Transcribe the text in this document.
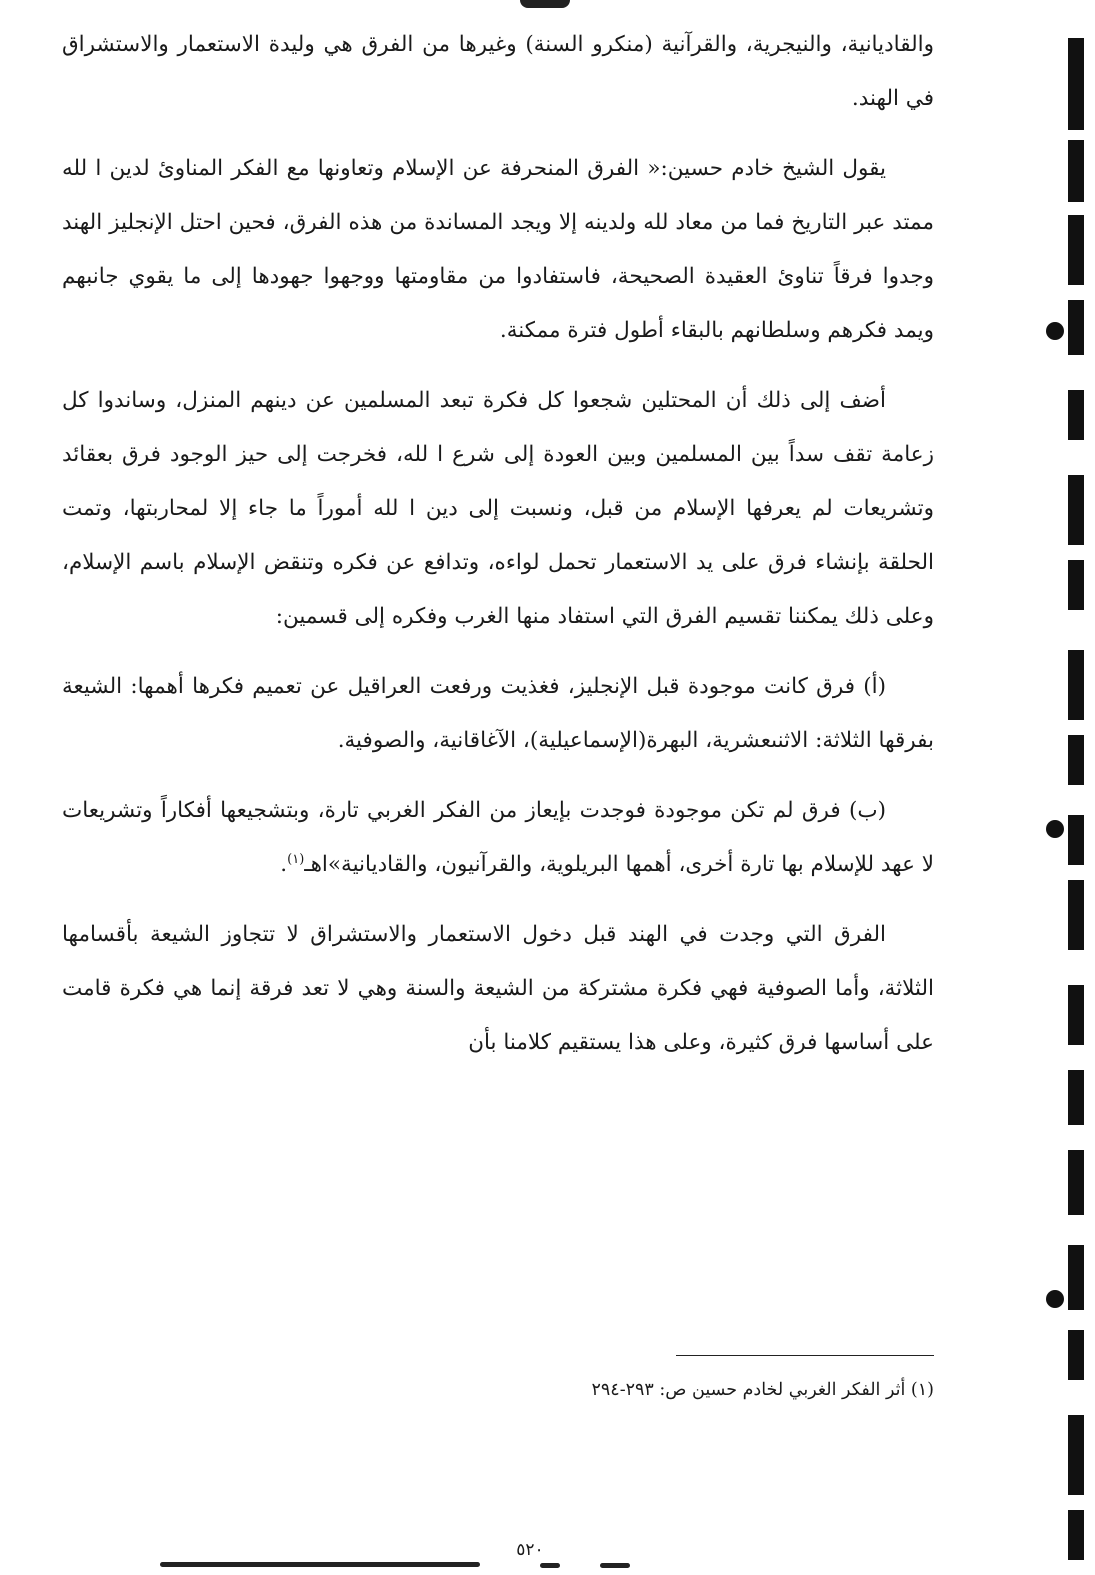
والقاديانية، والنيجرية، والقرآنية (منكرو السنة) وغيرها من الفرق هي وليدة الاستعمار والاستشراق في الهند.

يقول الشيخ خادم حسين:« الفرق المنحرفة عن الإسلام وتعاونها مع الفكر المناوئ لدين ا لله ممتد عبر التاريخ فما من معاد لله ولدينه إلا ويجد المساندة من هذه الفرق، فحين احتل الإنجليز الهند وجدوا فرقاً تناوئ العقيدة الصحيحة، فاستفادوا من مقاومتها ووجهوا جهودها إلى ما يقوي جانبهم ويمد فكرهم وسلطانهم بالبقاء أطول فترة ممكنة.

أضف إلى ذلك أن المحتلين شجعوا كل فكرة تبعد المسلمين عن دينهم المنزل، وساندوا كل زعامة تقف سداً بين المسلمين وبين العودة إلى شرع ا لله، فخرجت إلى حيز الوجود فرق بعقائد وتشريعات لم يعرفها الإسلام من قبل، ونسبت إلى دين ا لله أموراً ما جاء إلا لمحاربتها، وتمت الحلقة بإنشاء فرق على يد الاستعمار تحمل لواءه، وتدافع عن فكره وتنقض الإسلام باسم الإسلام، وعلى ذلك يمكننا تقسيم الفرق التي استفاد منها الغرب وفكره إلى قسمين:

(أ) فرق كانت موجودة قبل الإنجليز، فغذيت ورفعت العراقيل عن تعميم فكرها أهمها: الشيعة بفرقها الثلاثة: الاثنىعشرية، البهرة(الإسماعيلية)، الآغاقانية، والصوفية.

(ب) فرق لم تكن موجودة فوجدت بإيعاز من الفكر الغربي تارة، وبتشجيعها أفكاراً وتشريعات لا عهد للإسلام بها تارة أخرى، أهمها البريلوية، والقرآنيون، والقاديانية»اهـ$^{(١)}$.

الفرق التي وجدت في الهند قبل دخول الاستعمار والاستشراق لا تتجاوز الشيعة بأقسامها الثلاثة، وأما الصوفية فهي فكرة مشتركة من الشيعة والسنة وهي لا تعد فرقة إنما هي فكرة قامت على أساسها فرق كثيرة، وعلى هذا يستقيم كلامنا بأن

(١) أثر الفكر الغربي لخادم حسين ص: ٢٩٣-٢٩٤
٥٢٠
